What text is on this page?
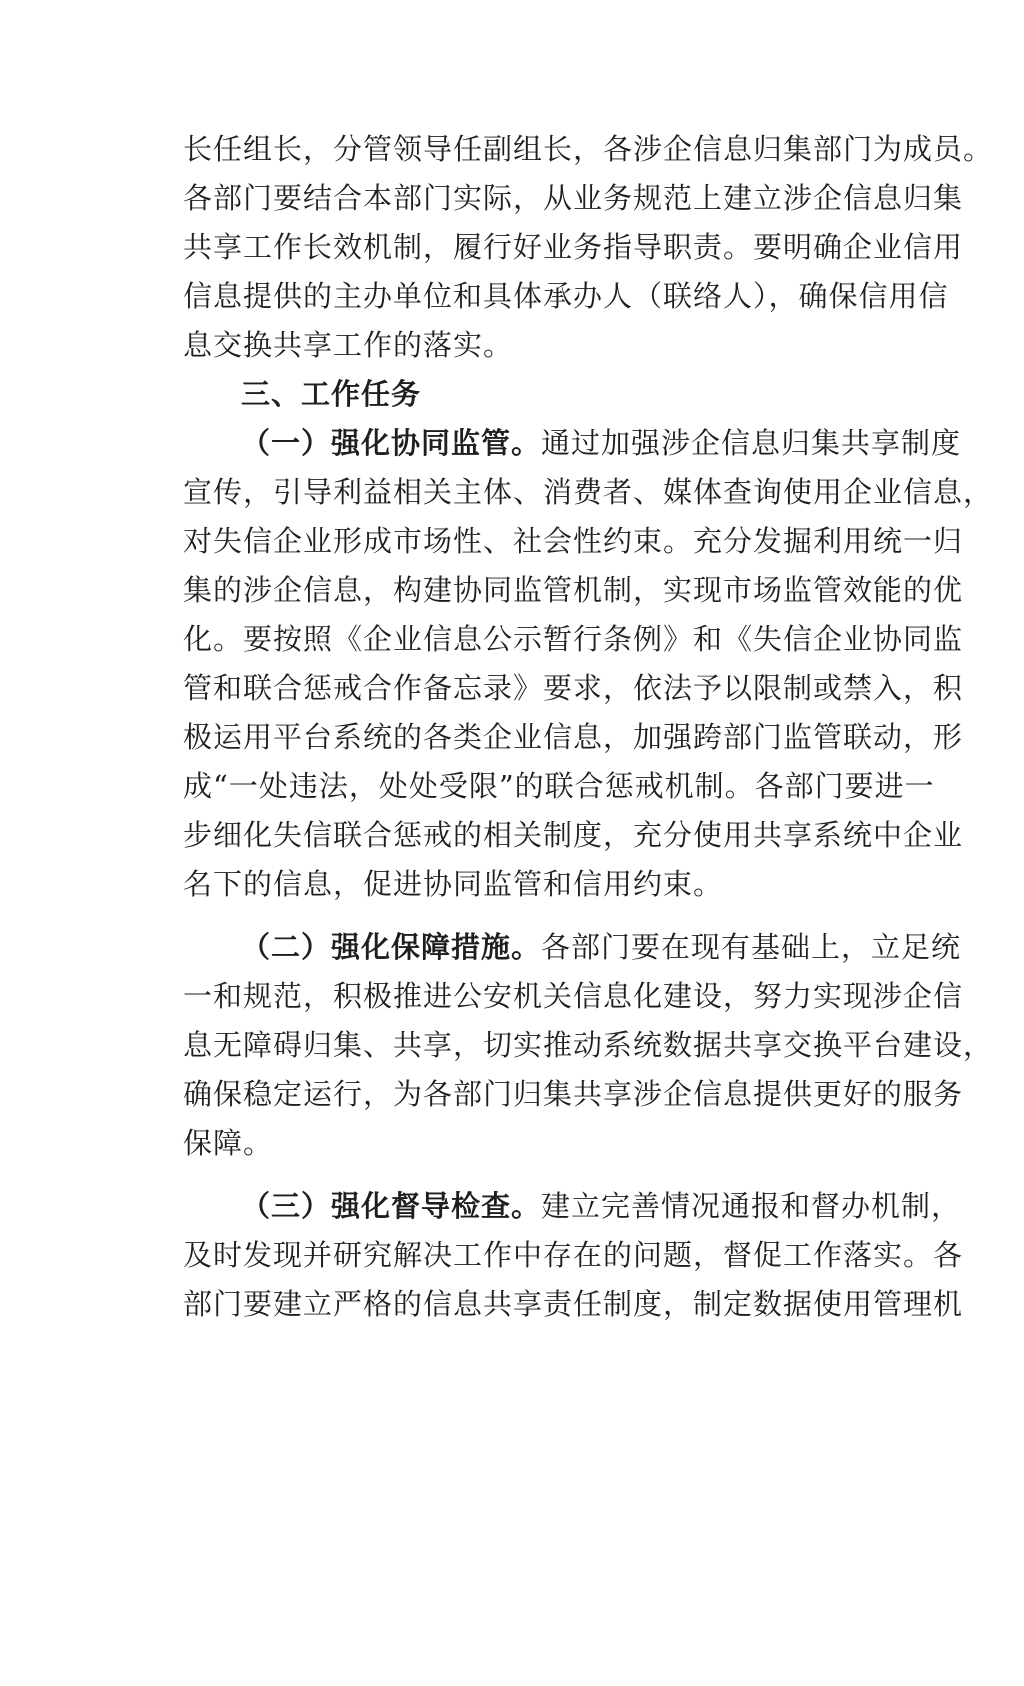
长任组长，分管领导任副组长，各涉企信息归集部门为成员。
各部门要结合本部门实际，从业务规范上建立涉企信息归集
共享工作长效机制，履行好业务指导职责。要明确企业信用
信息提供的主办单位和具体承办人（联络人），确保信用信
息交换共享工作的落实。
三、工作任务
（一）强化协同监管。通过加强涉企信息归集共享制度
宣传，引导利益相关主体、消费者、媒体查询使用企业信息，
对失信企业形成市场性、社会性约束。充分发掘利用统一归
集的涉企信息，构建协同监管机制，实现市场监管效能的优
化。要按照《企业信息公示暂行条例》和《失信企业协同监
管和联合惩戒合作备忘录》要求，依法予以限制或禁入，积
极运用平台系统的各类企业信息，加强跨部门监管联动，形
成“一处违法，处处受限”的联合惩戒机制。各部门要进一
步细化失信联合惩戒的相关制度，充分使用共享系统中企业
名下的信息，促进协同监管和信用约束。
（二）强化保障措施。各部门要在现有基础上，立足统
一和规范，积极推进公安机关信息化建设，努力实现涉企信
息无障碍归集、共享，切实推动系统数据共享交换平台建设，
确保稳定运行，为各部门归集共享涉企信息提供更好的服务
保障。
（三）强化督导检查。建立完善情况通报和督办机制，
及时发现并研究解决工作中存在的问题，督促工作落实。各
部门要建立严格的信息共享责任制度，制定数据使用管理机
